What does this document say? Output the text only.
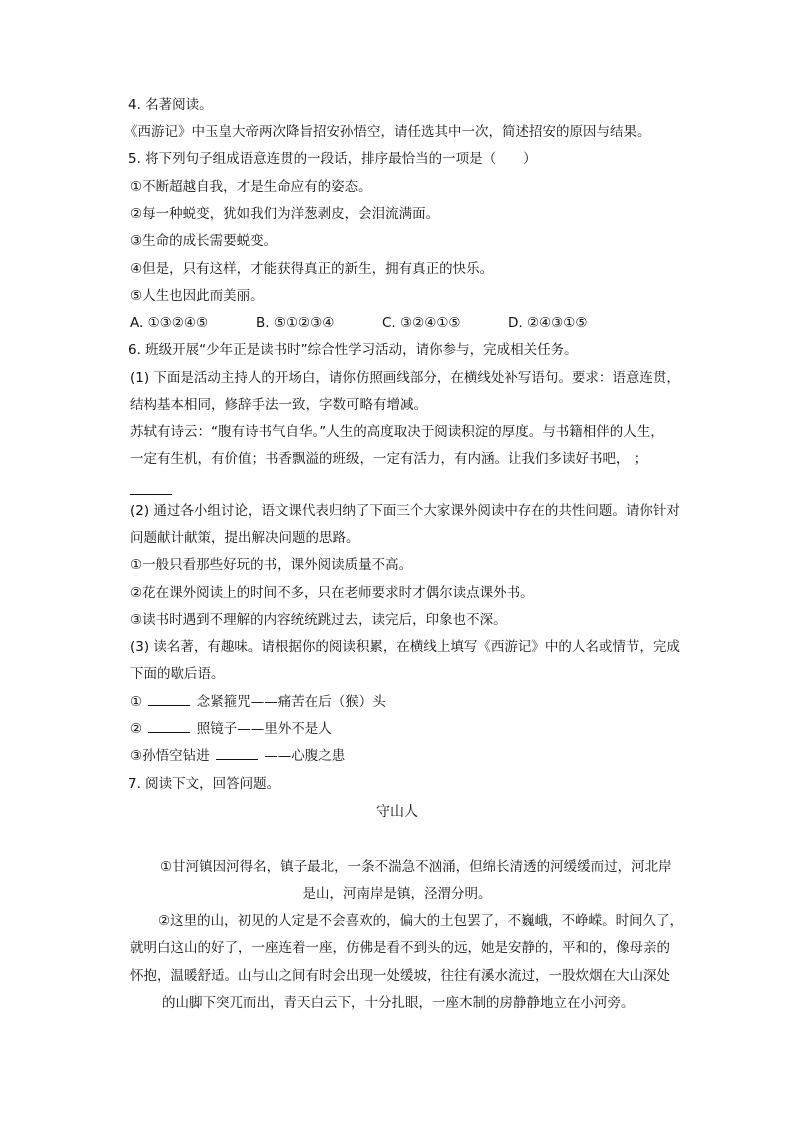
4. 名著阅读。
《西游记》中玉皇大帝两次降旨招安孙悟空，请任选其中一次，简述招安的原因与结果。
5. 将下列句子组成语意连贯的一段话，排序最恰当的一项是（　　）
①不断超越自我，才是生命应有的姿态。
②每一种蜕变，犹如我们为洋葱剥皮，会泪流满面。
③生命的成长需要蜕变。
④但是，只有这样，才能获得真正的新生，拥有真正的快乐。
⑤人生也因此而美丽。
A. ①③②④⑤	B. ⑤①②③④	C. ③②④①⑤	D. ②④③①⑤
6. 班级开展“少年正是读书时”综合性学习活动，请你参与，完成相关任务。
(1) 下面是活动主持人的开场白，请你仿照画线部分，在横线处补写语句。要求：语意连贯，
结构基本相同，修辞手法一致，字数可略有增减。
苏轼有诗云：“腹有诗书气自华。”人生的高度取决于阅读积淀的厚度。与书籍相伴的人生，
一定有生机，有价值；书香飘溢的班级，一定有活力，有内涵。让我们多读好书吧， ；
(2) 通过各小组讨论，语文课代表归纳了下面三个大家课外阅读中存在的共性问题。请你针对
问题献计献策，提出解决问题的思路。
①一般只看那些好玩的书，课外阅读质量不高。
②花在课外阅读上的时间不多，只在老师要求时才偶尔读点课外书。
③读书时遇到不理解的内容统统跳过去，读完后，印象也不深。
(3) 读名著，有趣味。请根据你的阅读积累，在横线上填写《西游记》中的人名或情节，完成
下面的歇后语。
①	念紧箍咒——痛苦在后（猴）头
②	照镜子——里外不是人
③孙悟空钻进	——心腹之患
7. 阅读下文，回答问题。
守山人
①甘河镇因河得名，镇子最北，一条不湍急不汹涌，但绵长清透的河缓缓而过，河北岸
是山，河南岸是镇，泾渭分明。
②这里的山，初见的人定是不会喜欢的，偏大的土包罢了，不巍峨，不峥嵘。时间久了，
就明白这山的好了，一座连着一座，仿佛是看不到头的远，她是安静的，平和的，像母亲的
怀抱，温暖舒适。山与山之间有时会出现一处缓坡，往往有溪水流过，一股炊烟在大山深处
的山脚下突兀而出，青天白云下，十分扎眼，一座木制的房静静地立在小河旁。
